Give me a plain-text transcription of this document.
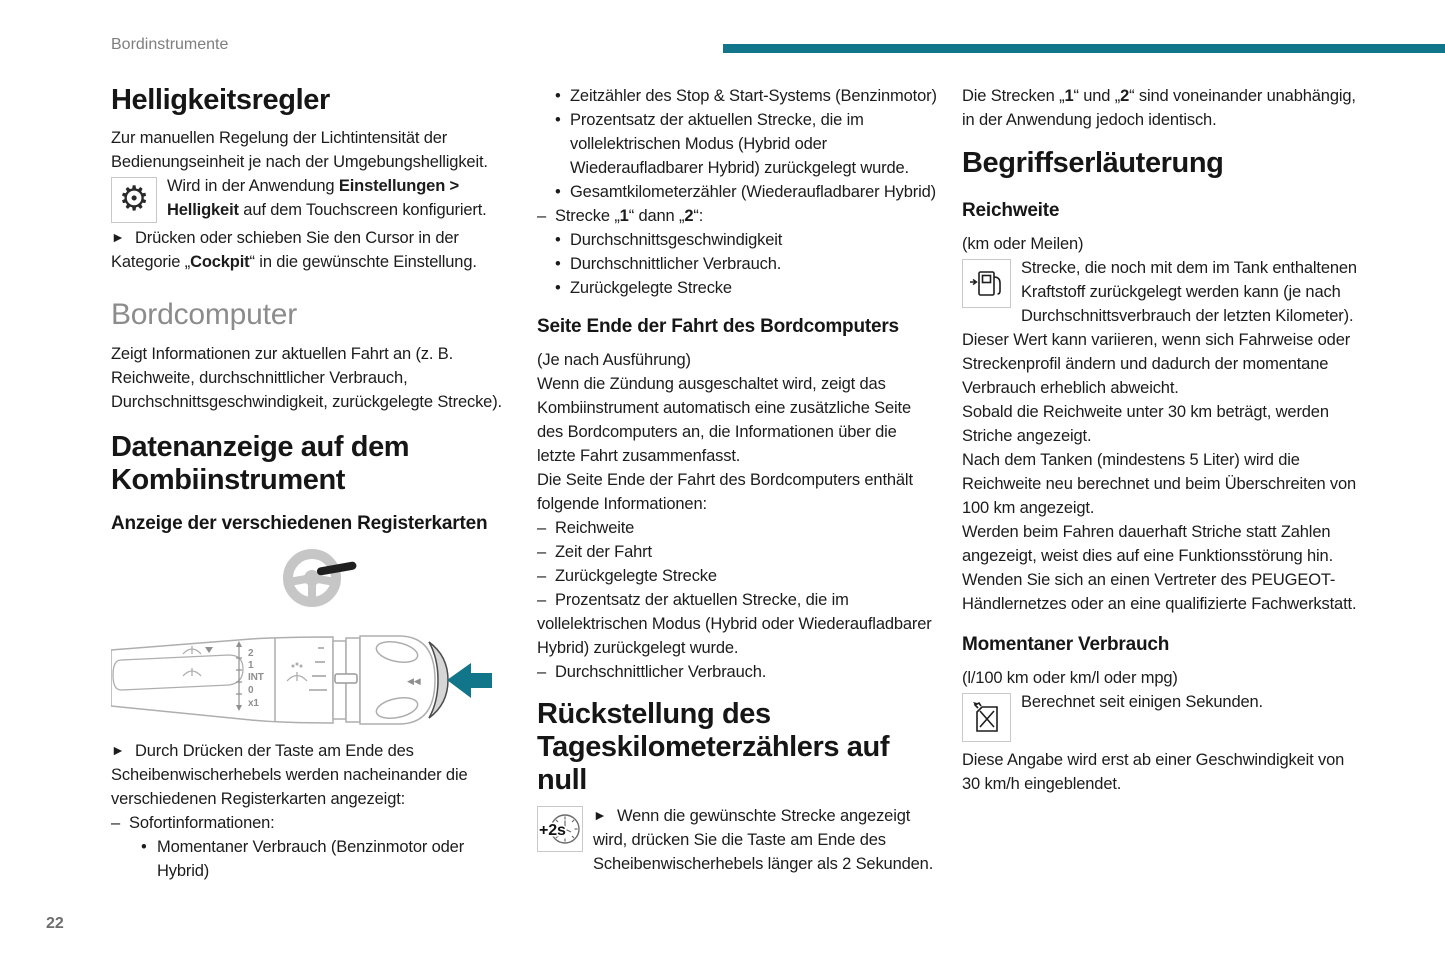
Bordinstrumente
22
Helligkeitsregler

Zur manuellen Regelung der Lichtintensität der Bedienungseinheit je nach der Umgebungshelligkeit.

⚙	Wird in der Anwendung Einstellungen > Helligkeit auf dem Touchscreen konfiguriert.

► Drücken oder schieben Sie den Cursor in der Kategorie „Cockpit“ in die gewünschte Einstellung.

Bordcomputer

Zeigt Informationen zur aktuellen Fahrt an (z. B. Reichweite, durchschnittlicher Verbrauch, Durchschnittsgeschwindigkeit, zurückgelegte Strecke).

Datenanzeige auf dem
Kombiinstrument
Anzeige der verschiedenen Registerkarten
◀◀
2
1
INT
0
x1

► Durch Drücken der Taste am Ende des Scheibenwischerhebels werden nacheinander die verschiedenen Registerkarten angezeigt:

– Sofortinformationen:

• Momentaner Verbrauch (Benzinmotor oder Hybrid)

• Zeitzähler des Stop & Start-Systems (Benzinmotor)

• Prozentsatz der aktuellen Strecke, die im vollelektrischen Modus (Hybrid oder Wiederaufladbarer Hybrid) zurückgelegt wurde.

• Gesamtkilometerzähler (Wiederaufladbarer Hybrid)

– Strecke „1“ dann „2“:

• Durchschnittsgeschwindigkeit

• Durchschnittlicher Verbrauch.

• Zurückgelegte Strecke

Seite Ende der Fahrt des Bordcomputers

(Je nach Ausführung)

Wenn die Zündung ausgeschaltet wird, zeigt das Kombiinstrument automatisch eine zusätzliche Seite des Bordcomputers an, die Informationen über die letzte Fahrt zusammenfasst.

Die Seite Ende der Fahrt des Bordcomputers enthält folgende Informationen:

– Reichweite

– Zeit der Fahrt

– Zurückgelegte Strecke

– Prozentsatz der aktuellen Strecke, die im vollelektrischen Modus (Hybrid oder Wiederaufladbarer Hybrid) zurückgelegt wurde.

– Durchschnittlicher Verbrauch.

Rückstellung des
Tageskilometerzählers auf null
+2s

► Wenn die gewünschte Strecke angezeigt wird, drücken Sie die Taste am Ende des Scheibenwischerhebels länger als 2 Sekunden.

Die Strecken „1“ und „2“ sind voneinander unabhängig, in der Anwendung jedoch identisch.

Begriffserläuterung
Reichweite

(km oder Meilen)

Strecke, die noch mit dem im Tank enthaltenen Kraftstoff zurückgelegt werden kann (je nach Durchschnittsverbrauch der letzten Kilometer).

Dieser Wert kann variieren, wenn sich Fahrweise oder Streckenprofil ändern und dadurch der momentane Verbrauch erheblich abweicht.

Sobald die Reichweite unter 30 km beträgt, werden Striche angezeigt.

Nach dem Tanken (mindestens 5 Liter) wird die Reichweite neu berechnet und beim Überschreiten von 100 km angezeigt.

Werden beim Fahren dauerhaft Striche statt Zahlen angezeigt, weist dies auf eine Funktionsstörung hin. Wenden Sie sich an einen Vertreter des PEUGEOT-Händlernetzes oder an eine qualifizierte Fachwerkstatt.

Momentaner Verbrauch

(l/100 km oder km/l oder mpg)

Berechnet seit einigen Sekunden.

Diese Angabe wird erst ab einer Geschwindigkeit von 30 km/h eingeblendet.
